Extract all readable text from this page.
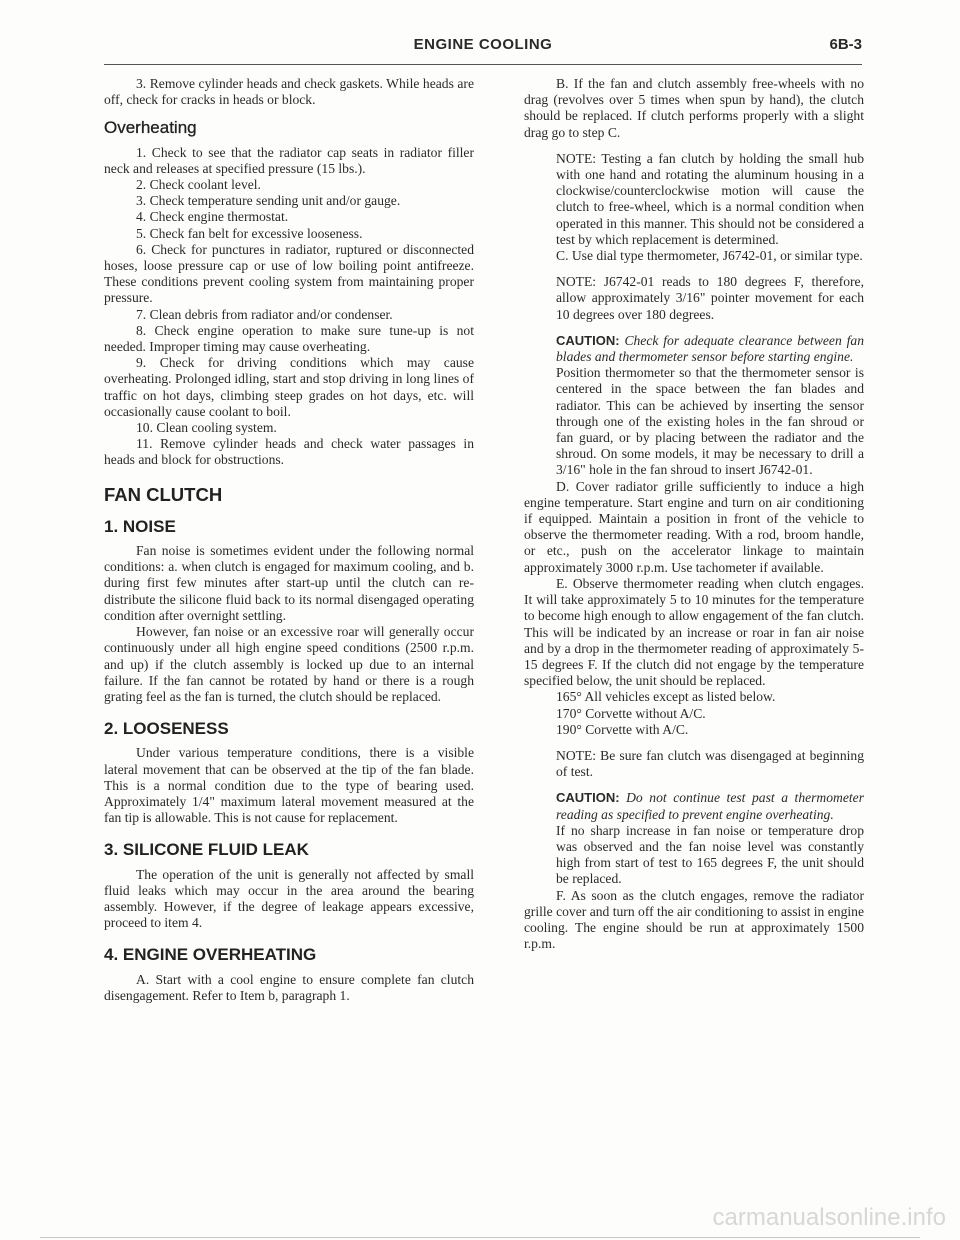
ENGINE COOLING	6B-3

3. Remove cylinder heads and check gaskets. While heads are off, check for cracks in heads or block.

Overheating

1. Check to see that the radiator cap seats in radiator filler neck and releases at specified pressure (15 lbs.).

2. Check coolant level.

3. Check temperature sending unit and/or gauge.

4. Check engine thermostat.

5. Check fan belt for excessive looseness.

6. Check for punctures in radiator, ruptured or disconnected hoses, loose pressure cap or use of low boiling point antifreeze. These conditions prevent cooling system from maintaining proper pressure.

7. Clean debris from radiator and/or condenser.

8. Check engine operation to make sure tune-up is not needed. Improper timing may cause overheating.

9. Check for driving conditions which may cause overheating. Prolonged idling, start and stop driving in long lines of traffic on hot days, climbing steep grades on hot days, etc. will occasionally cause coolant to boil.

10. Clean cooling system.

11. Remove cylinder heads and check water passages in heads and block for obstructions.

FAN CLUTCH
1. NOISE

Fan noise is sometimes evident under the following normal conditions: a. when clutch is engaged for maximum cooling, and b. during first few minutes after start-up until the clutch can re-distribute the silicone fluid back to its normal disengaged operating condition after overnight settling.

However, fan noise or an excessive roar will generally occur continuously under all high engine speed conditions (2500 r.p.m. and up) if the clutch assembly is locked up due to an internal failure. If the fan cannot be rotated by hand or there is a rough grating feel as the fan is turned, the clutch should be replaced.

2. LOOSENESS

Under various temperature conditions, there is a visible lateral movement that can be observed at the tip of the fan blade. This is a normal condition due to the type of bearing used. Approximately 1/4" maximum lateral movement measured at the fan tip is allowable. This is not cause for replacement.

3. SILICONE FLUID LEAK

The operation of the unit is generally not affected by small fluid leaks which may occur in the area around the bearing assembly. However, if the degree of leakage appears excessive, proceed to item 4.

4. ENGINE OVERHEATING

A. Start with a cool engine to ensure complete fan clutch disengagement. Refer to Item b, paragraph 1.

B. If the fan and clutch assembly free-wheels with no drag (revolves over 5 times when spun by hand), the clutch should be replaced. If clutch performs properly with a slight drag go to step C.

NOTE: Testing a fan clutch by holding the small hub with one hand and rotating the aluminum housing in a clockwise/counterclockwise motion will cause the clutch to free-wheel, which is a normal condition when operated in this manner. This should not be considered a test by which replacement is determined.

C. Use dial type thermometer, J6742-01, or similar type.

NOTE: J6742-01 reads to 180 degrees F, therefore, allow approximately 3/16" pointer movement for each 10 degrees over 180 degrees.

CAUTION: Check for adequate clearance between fan blades and thermometer sensor before starting engine.

Position thermometer so that the thermometer sensor is centered in the space between the fan blades and radiator. This can be achieved by inserting the sensor through one of the existing holes in the fan shroud or fan guard, or by placing between the radiator and the shroud. On some models, it may be necessary to drill a 3/16" hole in the fan shroud to insert J6742-01.

D. Cover radiator grille sufficiently to induce a high engine temperature. Start engine and turn on air conditioning if equipped. Maintain a position in front of the vehicle to observe the thermometer reading. With a rod, broom handle, or etc., push on the accelerator linkage to maintain approximately 3000 r.p.m. Use tachometer if available.

E. Observe thermometer reading when clutch engages. It will take approximately 5 to 10 minutes for the temperature to become high enough to allow engagement of the fan clutch. This will be indicated by an increase or roar in fan air noise and by a drop in the thermometer reading of approximately 5-15 degrees F. If the clutch did not engage by the temperature specified below, the unit should be replaced.

165° All vehicles except as listed below.

170° Corvette without A/C.

190° Corvette with A/C.

NOTE: Be sure fan clutch was disengaged at beginning of test.

CAUTION: Do not continue test past a thermometer reading as specified to prevent engine overheating.

If no sharp increase in fan noise or temperature drop was observed and the fan noise level was constantly high from start of test to 165 degrees F, the unit should be replaced.

F. As soon as the clutch engages, remove the radiator grille cover and turn off the air conditioning to assist in engine cooling. The engine should be run at approximately 1500 r.p.m.

carmanualsonline.info
